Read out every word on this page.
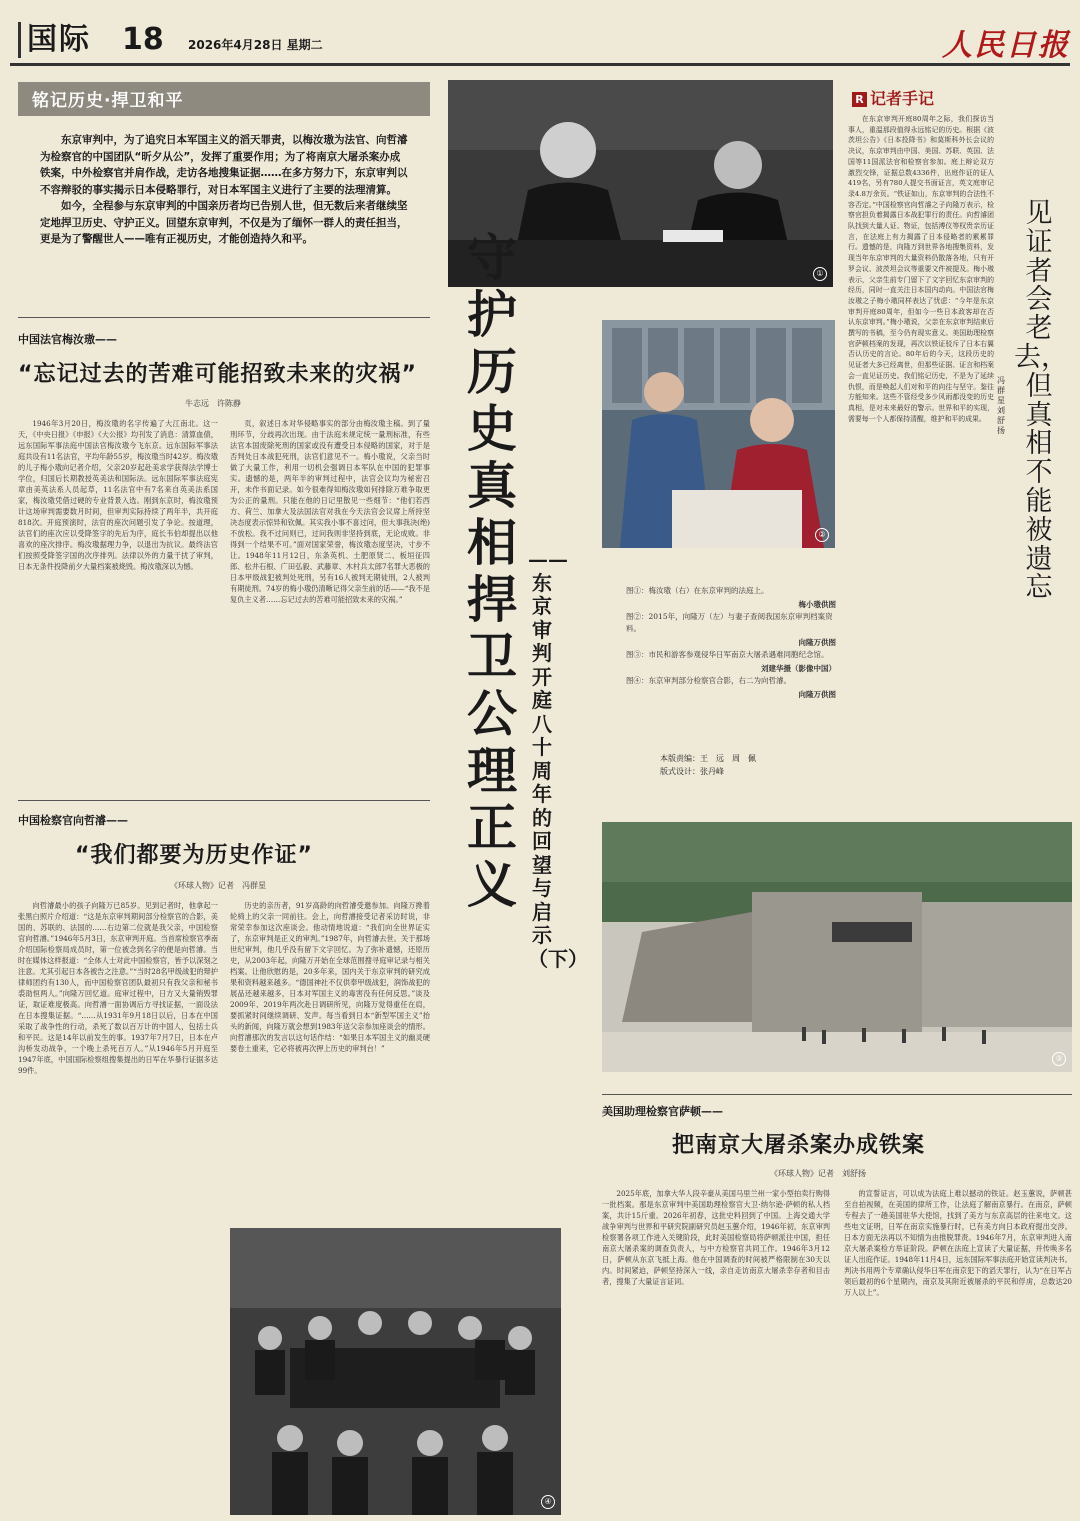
国际 18 2026年4月28日 星期二	人民日报
铭记历史·捍卫和平

东京审判中，为了追究日本军国主义的滔天罪责，以梅汝璈为法官、向哲濬为检察官的中国团队“昕夕从公”，发挥了重要作用；为了将南京大屠杀案办成铁案，中外检察官并肩作战，走访各地搜集证据……在多方努力下，东京审判以不容辩驳的事实揭示日本侵略罪行，对日本军国主义进行了主要的法理清算。

如今，全程参与东京审判的中国亲历者均已告别人世，但无数后来者继续坚定地捍卫历史、守护正义。回望东京审判，不仅是为了缅怀一群人的责任担当，更是为了警醒世人——唯有正视历史，才能创造持久和平。

①
②
图①：梅汝璈（右）在东京审判的法庭上。
梅小璈供图
图②：2015年，向隆万（左）与妻子查阅我国东京审判档案资料。
向隆万供图
图③：市民和游客参观侵华日军南京大屠杀遇难同胞纪念馆。
刘建华摄（影像中国）
图④：东京审判部分检察官合影，右二为向哲濬。
向隆万供图
本版责编：王　远　周　佩
版式设计：张丹峰
R 记者手记
在东京审判开庭80周年之际，我们探访当事人，重温那段值得永远铭记的历史。根据《波茨坦公告》《日本投降书》和莫斯科外长会议的决议，东京审判由中国、美国、苏联、英国、法国等11国派法官和检察官参加。庭上辩论双方激烈交锋，证据总数4336件，出庭作证的证人419名，另有780人提交书面证言，英文庭审记录4.8万余页。“铁证如山，东京审判的合法性不容否定。”中国检察官向哲濬之子向隆万表示，检察官担负着揭露日本战犯罪行的责任。向哲濬团队找到大量人证、物证，包括溥仪等权贵亲历证言，在法庭上有力揭露了日本侵略者的累累罪行。遗憾的是，向隆万到世界各地搜集资料，发现当年东京审判的大量资料仍散落各地，只有开罗会议、波茨坦会议等重要文件被提及。梅小璈表示，父亲生前专门留下了文字回忆东京审判的经历，同时一直关注日本国内动向。中国法官梅汝璈之子梅小璈同样表达了忧虑：“今年是东京审判开庭80周年，但如今一些日本政客却在否认东京审判。”梅小璈说，父亲在东京审判结束后撰写的书稿，至今仍有现实意义。美国助理检察官萨顿档案的发现，再次以铁证驳斥了日本右翼否认历史的言论。80年后的今天，这段历史的见证者大多已经离世，但那些证据、证言和档案会一直见证历史。我们铭记历史，不是为了延续仇恨，而是唤起人们对和平的向往与坚守。鉴往方能知来。这些不管经受多少风雨都没变的历史真相，是对未来最好的警示。世界和平的实现，需要每一个人都保持清醒，维护和平的成果。
冯群星　刘舒扬
见证者会老去，但真相不能被遗忘
守护历史真相 捍卫公理正义
——东京审判开庭八十周年的回望与启示（下）
中国法官梅汝璈——
“忘记过去的苦难可能招致未来的灾祸”
牛志远　许陈静
1946年3月20日，梅汝璈的名字传遍了大江南北。这一天，《中央日报》《申报》《大公报》均刊发了消息：清算血债，远东国际军事法庭中国法官梅汝璈今飞东京。远东国际军事法庭共设有11名法官，平均年龄55岁，梅汝璈当时42岁。梅汝璈的儿子梅小璈向记者介绍，父亲20岁起赴美求学获得法学博士学位，归国后长期教授英美法和国际法。远东国际军事法庭宪章由美英法系人员起草，11名法官中有7名来自英美法系国家，梅汝璈凭借过硬的专业背景入选。刚到东京时，梅汝璈预计这场审判需要数月时间，但审判实际持续了两年半，共开庭818次。开庭预演时，法官的座次问题引发了争论。按道理，法官们的座次应以受降签字的先后为序，庭长韦伯却提出以他喜欢的座次排序。梅汝璈据理力争，以退出为抗议。最终法官们按照受降签字国的次序排列。法律以外的力量干扰了审判，日本无条件投降前夕大量档案被烧毁。梅汝璈深以为憾。
页，叙述日本对华侵略事实的部分由梅汝璈主稿。到了量刑环节，分歧再次出现。由于法庭未规定统一量刑标准，有些法官本国废除死刑的国家或没有遭受日本侵略的国家，对于是否判处日本战犯死刑，法官们意见不一。梅小璈说，父亲当时做了大量工作，利用一切机会强调日本军队在中国的犯罪事实。遗憾的是，两年半的审判过程中，法官会议均为秘密召开，未作书面记录。如今很难得知梅汝璈如何排除万难争取更为公正的量刑。只能在他的日记里散见一些细节：“他们若西方、荷兰、加拿大及法国法官对我在今天法官会议席上所持坚决态度表示惊异和钦佩。其实我小事不喜过问，但大事我决(绝)不放松。我不过问则已，过问我则非坚持到底，无论成败。非得到一个结果不可。”面对国家荣誉，梅汝璈态度坚决，寸步不让。1948年11月12日，东条英机、土肥原贤二、板垣征四郎、松井石根、广田弘毅、武藤章、木村兵太郎7名罪大恶极的日本甲级战犯被判处死刑，另有16人被判无期徒刑，2人被判有期徒刑。74岁的梅小璈仍清晰记得父亲生前的话——“我不是复仇主义者……忘记过去的苦难可能招致未来的灾祸。”
中国检察官向哲濬——
“我们都要为历史作证”
《环球人物》记者　冯群星
向哲濬最小的孩子向隆万已85岁。见到记者时，他拿起一张黑白照片介绍道：“这是东京审判期间部分检察官的合影，美国的、苏联的、法国的……右边第二位就是我父亲，中国检察官向哲濬。”1946年5月3日，东京审判开庭。当首席检察官季南介绍国际检察局成员时，第一位被念到名字的便是向哲濬。当时在媒体这样报道：“全体人士对此中国检察官，皆予以深刻之注意。尤其引起日本各被告之注意。”“当时28名甲级战犯的辩护律师团约有130人，而中国检察官团队最初只有我父亲和秘书裘劭恒两人。”向隆万回忆道。庭审过程中，日方又大量销毁罪证，取证难度极高。向哲濬一面协调后方寻找证据，一面设法在日本搜集证据。“……从1931年9月18日以后，日本在中国采取了战争性的行动，杀死了数以百万计的中国人，包括士兵和平民。这是14年以前发生的事。1937年7月7日，日本在卢沟桥发动战争，一个晚上杀死百万人。”从1946年5月开庭至1947年底，中国国际检察组搜集提出的日军在华暴行证据多达99件。
历史的亲历者，91岁高龄的向哲濬受邀参加。向隆万搀着轮椅上的父亲一同前往。会上，向哲濬接受记者采访时说，非常荣幸参加这次座谈会。他动情地说道：“我们向全世界证实了，东京审判是正义的审判。”1987年，向哲濬去世。关于那场世纪审判，他几乎没有留下文字回忆。为了弥补遗憾，还原历史，从2003年起，向隆万开始在全球范围搜寻庭审记录与相关档案。让他欣慰的是，20多年来，国内关于东京审判的研究成果和资料越来越多。“德国神社不仅供奉甲级战犯，润饰战犯的展品还越来越多，日本对军国主义的毒害没有任何反思。”谈及2009年、2019年两次赴日调研所见，向隆万觉得重任在肩，要抓紧时间继续调研、发声。每当看到日本“新型军国主义”抬头的新闻，向隆万就会想到1983年送父亲参加座谈会的情形。向哲濬那次的发言以这句话作结：“如果日本军国主义的幽灵硬要卷土重来，它必将被再次押上历史的审判台！”
④
③
美国助理检察官萨顿——
把南京大屠杀案办成铁案
《环球人物》记者　刘舒扬
2025年底，加拿大华人段辛豪从美国马里兰州一家小型拍卖行购得一批档案。那是东京审判中美国助理检察官大卫·纳尔逊·萨顿的私人档案，共计15斤重。2026年初春，这批史料回到了中国。上海交通大学战争审判与世界和平研究院副研究员赵玉蕙介绍，1946年初，东京审判检察署各项工作进入关键阶段，此时美国检察局将萨顿派往中国，担任南京大屠杀案的调查负责人，与中方检察官共同工作。1946年3月12日，萨顿从东京飞抵上海。他在中国调查的时间被严格限制在30天以内。时间紧迫，萨顿坚持深入一线，亲自走访南京大屠杀幸存者和目击者，搜集了大量证言证词。
的宣誓证言，可以成为法庭上难以撼动的铁证。赵玉蕙说，萨顿甚至自拍视频，在美国的律所工作，让法庭了解南京暴行。在南京，萨顿专程去了一趟美国驻华大使馆，找到了美方与东京高层的往来电文。这些电文证明，日军在南京实施暴行时，已有美方向日本政府提出交涉。日本方面无法再以不知情为由推脱罪责。1946年7月，东京审判进入南京大屠杀案检方举证阶段。萨顿在法庭上宣读了大量证据，并传唤多名证人出庭作证。1948年11月4日，远东国际军事法庭开始宣读判决书。判决书用两个专章确认侵华日军在南京犯下的滔天罪行，认为“在日军占领后最初的6个星期内，南京及其附近被屠杀的平民和俘虏，总数达20万人以上”。
